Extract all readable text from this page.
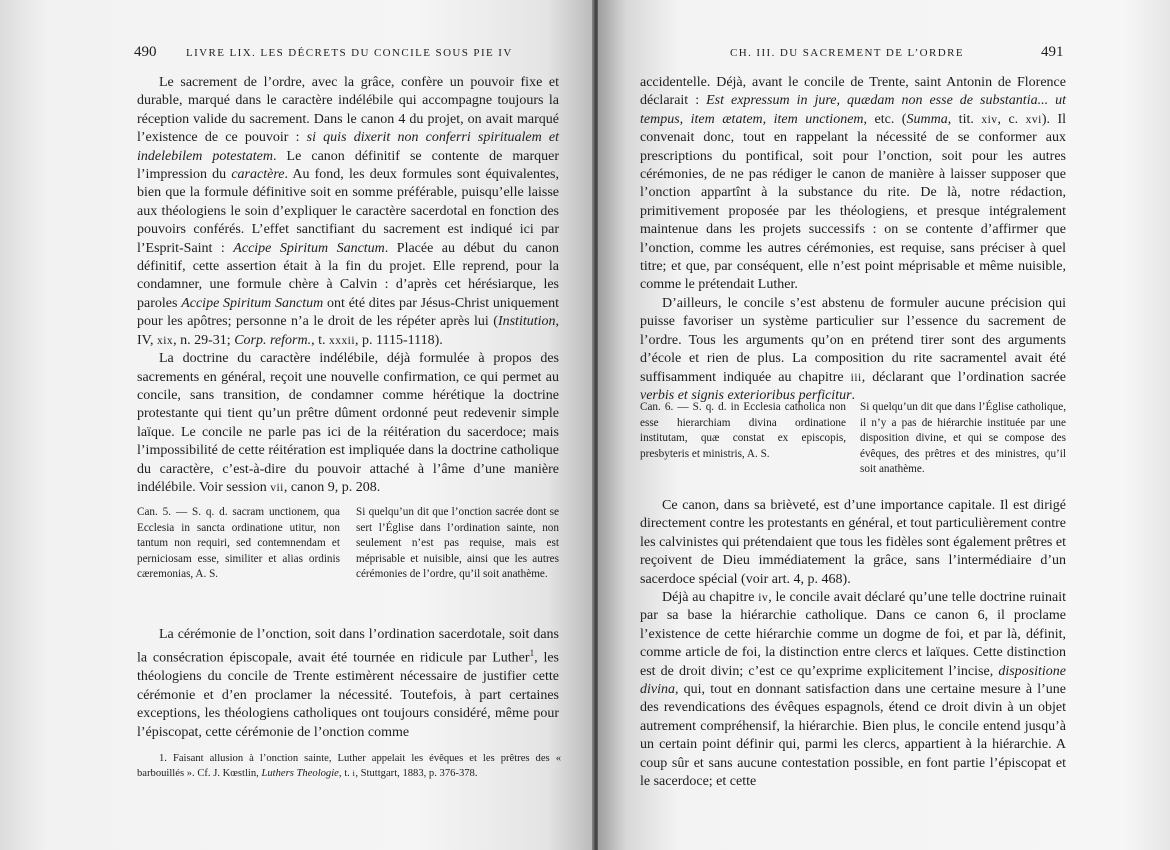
490	LIVRE LIX. LES DÉCRETS DU CONCILE SOUS PIE IV

Le sacrement de l’ordre, avec la grâce, confère un pouvoir fixe et durable, marqué dans le caractère indélébile qui accompagne toujours la réception valide du sacrement. Dans le canon 4 du projet, on avait marqué l’existence de ce pouvoir : si quis dixerit non conferri spiritualem et indelebilem potestatem. Le canon définitif se contente de marquer l’impression du caractère. Au fond, les deux formules sont équivalentes, bien que la formule définitive soit en somme préférable, puisqu’elle laisse aux théologiens le soin d’expliquer le caractère sacerdotal en fonction des pouvoirs conférés. L’effet sanctifiant du sacrement est indiqué ici par l’Esprit-Saint : Accipe Spiritum Sanctum. Placée au début du canon définitif, cette assertion était à la fin du projet. Elle reprend, pour la condamner, une formule chère à Calvin : d’après cet hérésiarque, les paroles Accipe Spiritum Sanctum ont été dites par Jésus-Christ uniquement pour les apôtres; personne n’a le droit de les répéter après lui (Institution, IV, xix, n. 29-31; Corp. reform., t. xxxii, p. 1115-1118).

La doctrine du caractère indélébile, déjà formulée à propos des sacrements en général, reçoit une nouvelle confirmation, ce qui permet au concile, sans transition, de condamner comme hérétique la doctrine protestante qui tient qu’un prêtre dûment ordonné peut redevenir simple laïque. Le concile ne parle pas ici de la réitération du sacerdoce; mais l’impossibilité de cette réitération est impliquée dans la doctrine catholique du caractère, c’est-à-dire du pouvoir attaché à l’âme d’une manière indélébile. Voir session vii, canon 9, p. 208.

Can. 5. — S. q. d. sacram unctionem, qua Ecclesia in sancta ordinatione utitur, non tantum non requiri, sed contemnendam et perniciosam esse, similiter et alias ordinis cæremonias, A. S.
Si quelqu’un dit que l’onction sacrée dont se sert l’Église dans l’ordination sainte, non seulement n’est pas requise, mais est méprisable et nuisible, ainsi que les autres cérémonies de l’ordre, qu’il soit anathème.

La cérémonie de l’onction, soit dans l’ordination sacerdotale, soit dans la consécration épiscopale, avait été tournée en ridicule par Luther$^1$, les théologiens du concile de Trente estimèrent nécessaire de justifier cette cérémonie et d’en proclamer la nécessité. Toutefois, à part certaines exceptions, les théologiens catholiques ont toujours considéré, même pour l’épiscopat, cette cérémonie de l’onction comme

1. Faisant allusion à l’onction sainte, Luther appelait les évêques et les prêtres des « barbouillés ». Cf. J. Kœstlin, Luthers Theologie, t. i, Stuttgart, 1883, p. 376-378.

CH. III. DU SACREMENT DE L’ORDRE	491

accidentelle. Déjà, avant le concile de Trente, saint Antonin de Florence déclarait : Est expressum in jure, quædam non esse de substantia... ut tempus, item ætatem, item unctionem, etc. (Summa, tit. xiv, c. xvi). Il convenait donc, tout en rappelant la nécessité de se conformer aux prescriptions du pontifical, soit pour l’onction, soit pour les autres cérémonies, de ne pas rédiger le canon de manière à laisser supposer que l’onction appartînt à la substance du rite. De là, notre rédaction, primitivement proposée par les théologiens, et presque intégralement maintenue dans les projets successifs : on se contente d’affirmer que l’onction, comme les autres cérémonies, est requise, sans préciser à quel titre; et que, par conséquent, elle n’est point méprisable et même nuisible, comme le prétendait Luther.

D’ailleurs, le concile s’est abstenu de formuler aucune précision qui puisse favoriser un système particulier sur l’essence du sacrement de l’ordre. Tous les arguments qu’on en prétend tirer sont des arguments d’école et rien de plus. La composition du rite sacramentel avait été suffisamment indiquée au chapitre iii, déclarant que l’ordination sacrée verbis et signis exterioribus perficitur.

Can. 6. — S. q. d. in Ecclesia catholica non esse hierarchiam divina ordinatione institutam, quæ constat ex episcopis, presbyteris et ministris, A. S.
Si quelqu’un dit que dans l’Église catholique, il n’y a pas de hiérarchie instituée par une disposition divine, et qui se compose des évêques, des prêtres et des ministres, qu’il soit anathème.

Ce canon, dans sa brièveté, est d’une importance capitale. Il est dirigé directement contre les protestants en général, et tout particulièrement contre les calvinistes qui prétendaient que tous les fidèles sont également prêtres et reçoivent de Dieu immédiatement la grâce, sans l’intermédiaire d’un sacerdoce spécial (voir art. 4, p. 468).

Déjà au chapitre iv, le concile avait déclaré qu’une telle doctrine ruinait par sa base la hiérarchie catholique. Dans ce canon 6, il proclame l’existence de cette hiérarchie comme un dogme de foi, et par là, définit, comme article de foi, la distinction entre clercs et laïques. Cette distinction est de droit divin; c’est ce qu’exprime explicitement l’incise, dispositione divina, qui, tout en donnant satisfaction dans une certaine mesure à l’une des revendications des évêques espagnols, étend ce droit divin à un objet autrement compréhensif, la hiérarchie. Bien plus, le concile entend jusqu’à un certain point définir qui, parmi les clercs, appartient à la hiérarchie. A coup sûr et sans aucune contestation possible, en font partie l’épiscopat et le sacerdoce; et cette
